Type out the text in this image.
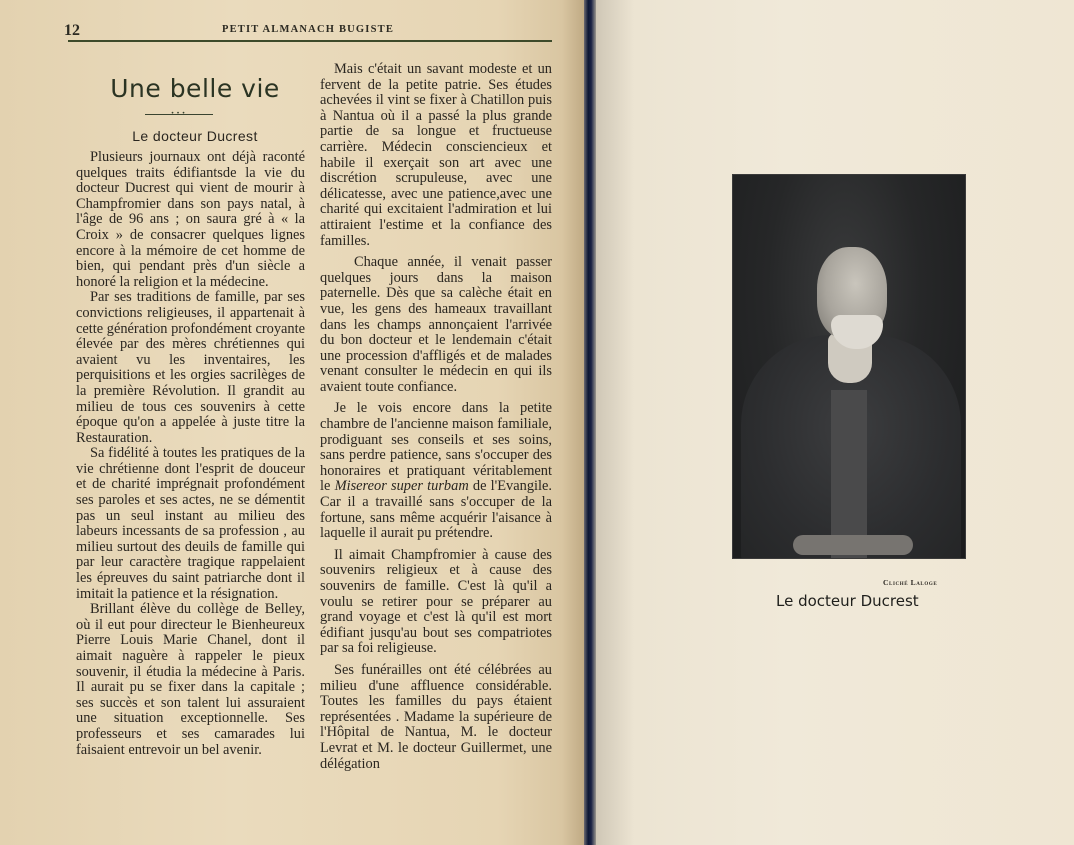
12	PETIT ALMANACH BUGISTE
Une belle vie
•••
Le docteur Ducrest

Plusieurs journaux ont déjà raconté quelques traits édifiantsde la vie du docteur Ducrest qui vient de mourir à Champfromier dans son pays natal, à l'âge de 96 ans ; on saura gré à « la Croix » de consacrer quelques lignes encore à la mémoire de cet homme de bien, qui pendant près d'un siècle a honoré la religion et la médecine.

Par ses traditions de famille, par ses convictions religieuses, il appartenait à cette génération profondément croyante élevée par des mères chrétiennes qui avaient vu les inventaires, les perquisitions et les orgies sacrilèges de la première Révolution. Il grandit au milieu de tous ces souvenirs à cette époque qu'on a appelée à juste titre la Restauration.

Sa fidélité à toutes les pratiques de la vie chrétienne dont l'esprit de douceur et de charité imprégnait profondément ses paroles et ses actes, ne se démentit pas un seul instant au milieu des labeurs incessants de sa profession , au milieu surtout des deuils de famille qui par leur caractère tragique rappelaient les épreuves du saint patriarche dont il imitait la patience et la résignation.

Brillant élève du collège de Belley, où il eut pour directeur le Bienheureux Pierre Louis Marie Chanel, dont il aimait naguère à rappeler le pieux souvenir, il étudia la médecine à Paris. Il aurait pu se fixer dans la capitale ; ses succès et son talent lui assuraient une situation exceptionnelle. Ses professeurs et ses camarades lui faisaient entrevoir un bel avenir.

Mais c'était un savant modeste et un fervent de la petite patrie. Ses études achevées il vint se fixer à Chatillon puis à Nantua où il a passé la plus grande partie de sa longue et fructueuse carrière. Médecin consciencieux et habile il exerçait son art avec une discrétion scrupuleuse, avec une délicatesse, avec une patience,avec une charité qui excitaient l'admiration et lui attiraient l'estime et la confiance des familles.

Chaque année, il venait passer quelques jours dans la maison paternelle. Dès que sa calèche était en vue, les gens des hameaux travaillant dans les champs annonçaient l'arrivée du bon docteur et le lendemain c'était une procession d'affligés et de malades venant consulter le médecin en qui ils avaient toute confiance.

Je le vois encore dans la petite chambre de l'ancienne maison familiale, prodiguant ses conseils et ses soins, sans perdre patience, sans s'occuper des honoraires et pratiquant véritablement le Misereor super turbam de l'Evangile. Car il a travaillé sans s'occuper de la fortune, sans même acquérir l'aisance à laquelle il aurait pu prétendre.

Il aimait Champfromier à cause des souvenirs religieux et à cause des souvenirs de famille. C'est là qu'il a voulu se retirer pour se préparer au grand voyage et c'est là qu'il est mort édifiant jusqu'au bout ses compatriotes par sa foi religieuse.

Ses funérailles ont été célébrées au milieu d'une affluence considérable. Toutes les familles du pays étaient représentées . Madame la supérieure de l'Hôpital de Nantua, M. le docteur Levrat et M. le docteur Guillermet, une délégation

Cliché Laloge
Le docteur Ducrest
